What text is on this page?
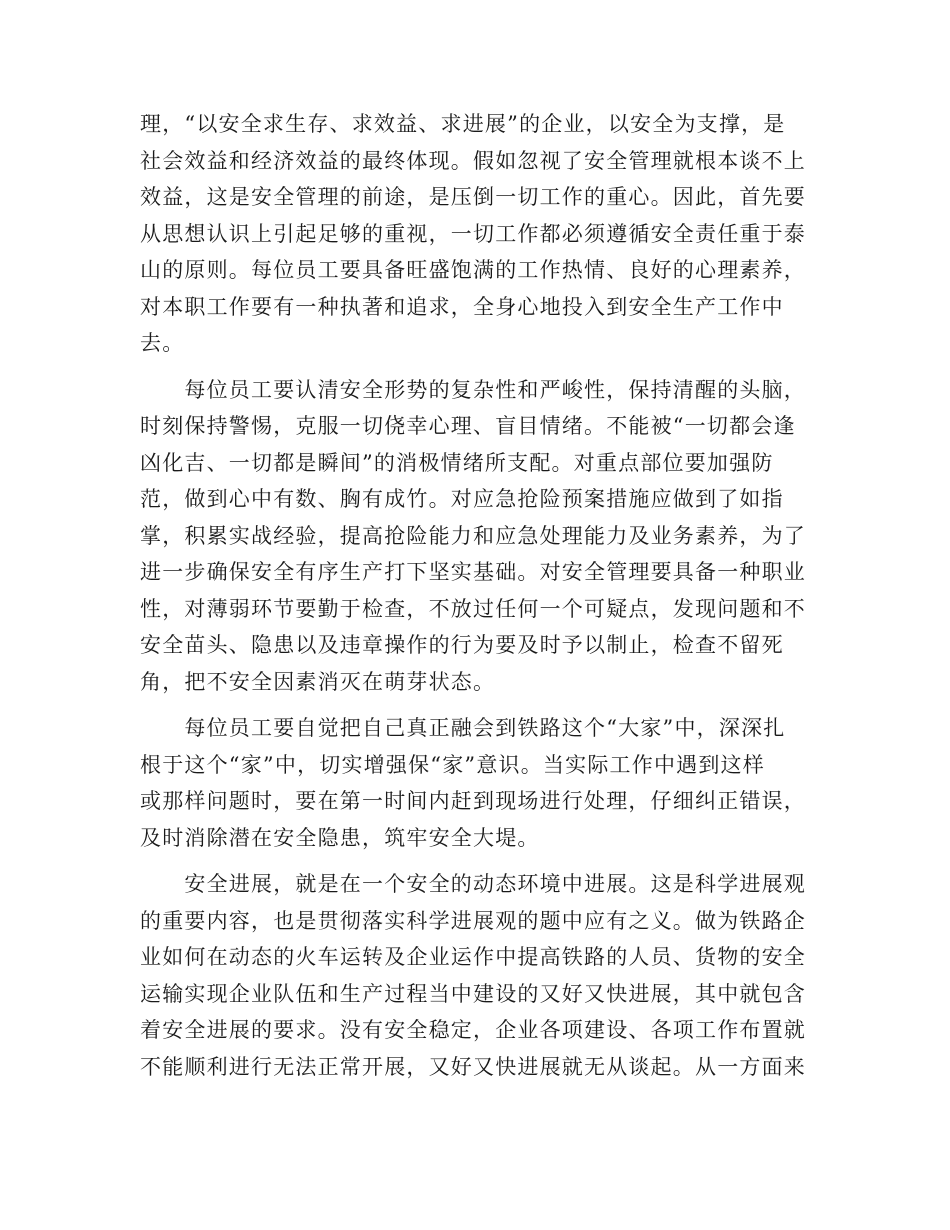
理，“以安全求生存、求效益、求进展”的企业，以安全为支撑，是
社会效益和经济效益的最终体现。假如忽视了安全管理就根本谈不上
效益，这是安全管理的前途，是压倒一切工作的重心。因此，首先要
从思想认识上引起足够的重视，一切工作都必须遵循安全责任重于泰
山的原则。每位员工要具备旺盛饱满的工作热情、良好的心理素养，
对本职工作要有一种执著和追求，全身心地投入到安全生产工作中
去。
　　每位员工要认清安全形势的复杂性和严峻性，保持清醒的头脑，
时刻保持警惕，克服一切侥幸心理、盲目情绪。不能被“一切都会逢
凶化吉、一切都是瞬间”的消极情绪所支配。对重点部位要加强防
范，做到心中有数、胸有成竹。对应急抢险预案措施应做到了如指
掌，积累实战经验，提高抢险能力和应急处理能力及业务素养，为了
进一步确保安全有序生产打下坚实基础。对安全管理要具备一种职业
性，对薄弱环节要勤于检查，不放过任何一个可疑点，发现问题和不
安全苗头、隐患以及违章操作的行为要及时予以制止，检查不留死
角，把不安全因素消灭在萌芽状态。
　　每位员工要自觉把自己真正融会到铁路这个“大家”中，深深扎
根于这个“家”中，切实增强保“家”意识。当实际工作中遇到这样
或那样问题时，要在第一时间内赶到现场进行处理，仔细纠正错误，
及时消除潜在安全隐患，筑牢安全大堤。
　　安全进展，就是在一个安全的动态环境中进展。这是科学进展观
的重要内容，也是贯彻落实科学进展观的题中应有之义。做为铁路企
业如何在动态的火车运转及企业运作中提高铁路的人员、货物的安全
运输实现企业队伍和生产过程当中建设的又好又快进展，其中就包含
着安全进展的要求。没有安全稳定，企业各项建设、各项工作布置就
不能顺利进行无法正常开展，又好又快进展就无从谈起。从一方面来
